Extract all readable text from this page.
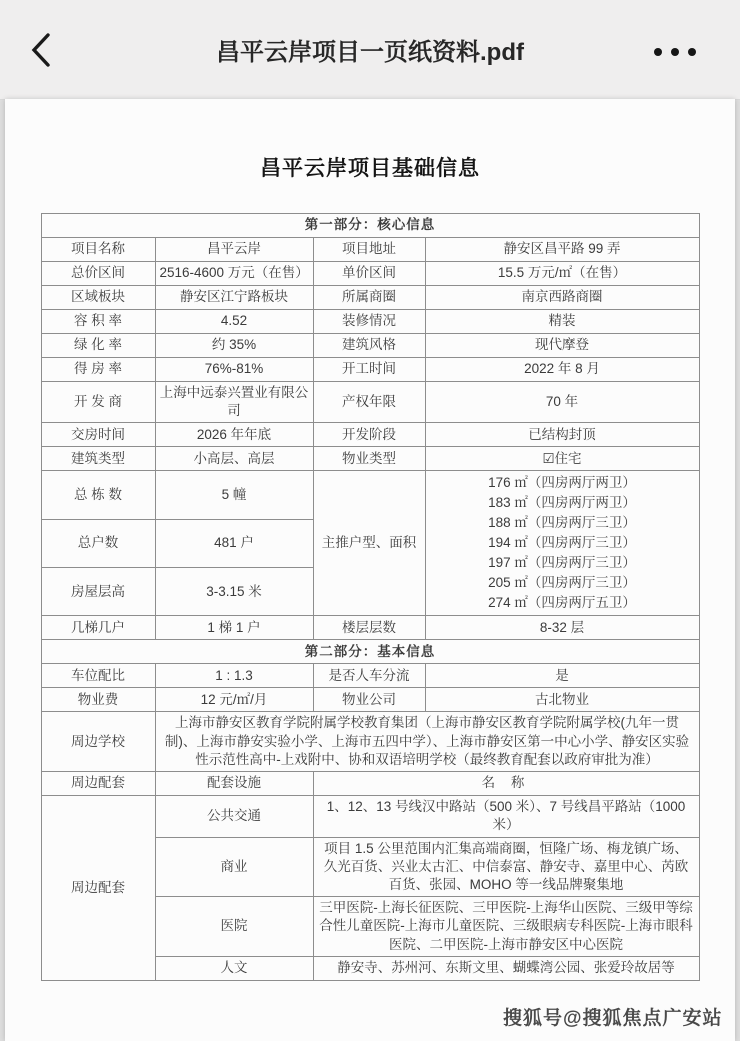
昌平云岸项目一页纸资料.pdf
昌平云岸项目基础信息
第一部分：核心信息			
项目名称	昌平云岸	项目地址	静安区昌平路 99 弄
总价区间	2516-4600 万元（在售）	单价区间	15.5 万元/㎡（在售）
区域板块	静安区江宁路板块	所属商圈	南京西路商圈
容 积 率	4.52	装修情况	精装
绿 化 率	约 35%	建筑风格	现代摩登
得 房 率	76%-81%	开工时间	2022 年 8 月
开 发 商	上海中远泰兴置业有限公司	产权年限	70 年
交房时间	2026 年年底	开发阶段	已结构封顶
建筑类型	小高层、高层	物业类型	☑住宅
总 栋 数	5 幢	主推户型、面积	
176 ㎡（四房两厅两卫）
183 ㎡（四房两厅两卫）
188 ㎡（四房两厅三卫）
194 ㎡（四房两厅三卫）
197 ㎡（四房两厅三卫）
205 ㎡（四房两厅三卫）
274 ㎡（四房两厅五卫）

总户数	481 户		
房屋层高	3-3.15 米		
几梯几户	1 梯 1 户	楼层层数	8-32 层
第二部分：基本信息			
车位配比	1 : 1.3	是否人车分流	是
物业费	12 元/㎡/月	物业公司	古北物业
周边学校	上海市静安区教育学院附属学校教育集团（上海市静安区教育学院附属学校(九年一贯制)、上海市静安实验小学、上海市五四中学）、上海市静安区第一中心小学、静安区实验性示范性高中-上戏附中、协和双语培明学校（最终教育配套以政府审批为准）		
周边配套	配套设施	名 称	
周边配套	公共交通	1、12、13 号线汉中路站（500 米）、7 号线昌平路站（1000 米）	
	商业	项目 1.5 公里范围内汇集高端商圈，恒隆广场、梅龙镇广场、久光百货、兴业太古汇、中信泰富、静安寺、嘉里中心、芮欧百货、张园、MOHO 等一线品牌聚集地	
	医院	三甲医院-上海长征医院、三甲医院-上海华山医院、三级甲等综合性儿童医院-上海市儿童医院、三级眼病专科医院-上海市眼科医院、二甲医院-上海市静安区中心医院	
	人文	静安寺、苏州河、东斯文里、蝴蝶湾公园、张爱玲故居等	
搜狐号@搜狐焦点广安站
